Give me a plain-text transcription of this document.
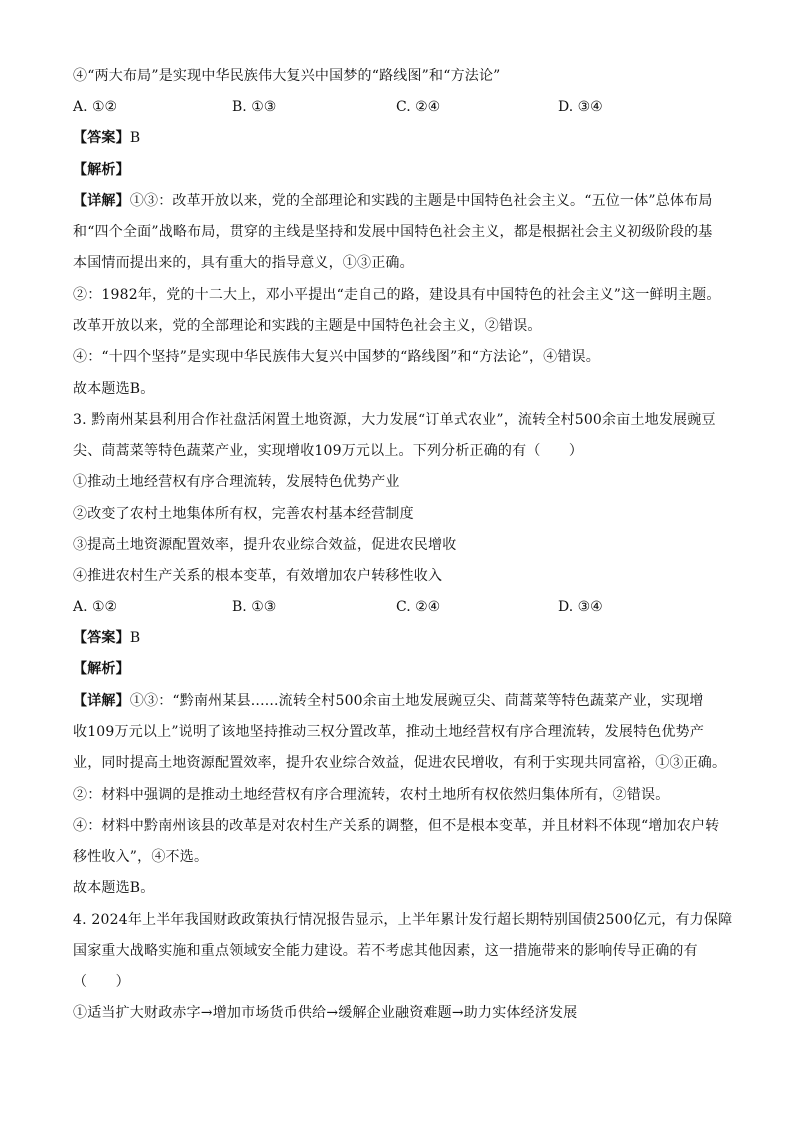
④“两大布局”是实现中华民族伟大复兴中国梦的“路线图”和“方法论”
A. ①②	B. ①③	C. ②④	D. ③④
【答案】B
【解析】
【详解】①③：改革开放以来，党的全部理论和实践的主题是中国特色社会主义。“五位一体”总体布局
和“四个全面”战略布局，贯穿的主线是坚持和发展中国特色社会主义，都是根据社会主义初级阶段的基
本国情而提出来的，具有重大的指导意义，①③正确。
②：1982年，党的十二大上，邓小平提出“走自己的路，建设具有中国特色的社会主义”这一鲜明主题。
改革开放以来，党的全部理论和实践的主题是中国特色社会主义，②错误。
④：“十四个坚持”是实现中华民族伟大复兴中国梦的“路线图”和“方法论”，④错误。
故本题选B。
3. 黔南州某县利用合作社盘活闲置土地资源，大力发展“订单式农业”，流转全村500余亩土地发展豌豆
尖、茼蒿菜等特色蔬菜产业，实现增收109万元以上。下列分析正确的有（　　）
①推动土地经营权有序合理流转，发展特色优势产业
②改变了农村土地集体所有权，完善农村基本经营制度
③提高土地资源配置效率，提升农业综合效益，促进农民增收
④推进农村生产关系的根本变革，有效增加农户转移性收入
A. ①②	B. ①③	C. ②④	D. ③④
【答案】B
【解析】
【详解】①③：“黔南州某县......流转全村500余亩土地发展豌豆尖、茼蒿菜等特色蔬菜产业，实现增
收109万元以上”说明了该地坚持推动三权分置改革，推动土地经营权有序合理流转，发展特色优势产
业，同时提高土地资源配置效率，提升农业综合效益，促进农民增收，有利于实现共同富裕，①③正确。
②：材料中强调的是推动土地经营权有序合理流转，农村土地所有权依然归集体所有，②错误。
④：材料中黔南州该县的改革是对农村生产关系的调整，但不是根本变革，并且材料不体现“增加农户转
移性收入”，④不选。
故本题选B。
4. 2024年上半年我国财政政策执行情况报告显示，上半年累计发行超长期特别国债2500亿元，有力保障
国家重大战略实施和重点领域安全能力建设。若不考虑其他因素，这一措施带来的影响传导正确的有
（　　）
①适当扩大财政赤字→增加市场货币供给→缓解企业融资难题→助力实体经济发展
